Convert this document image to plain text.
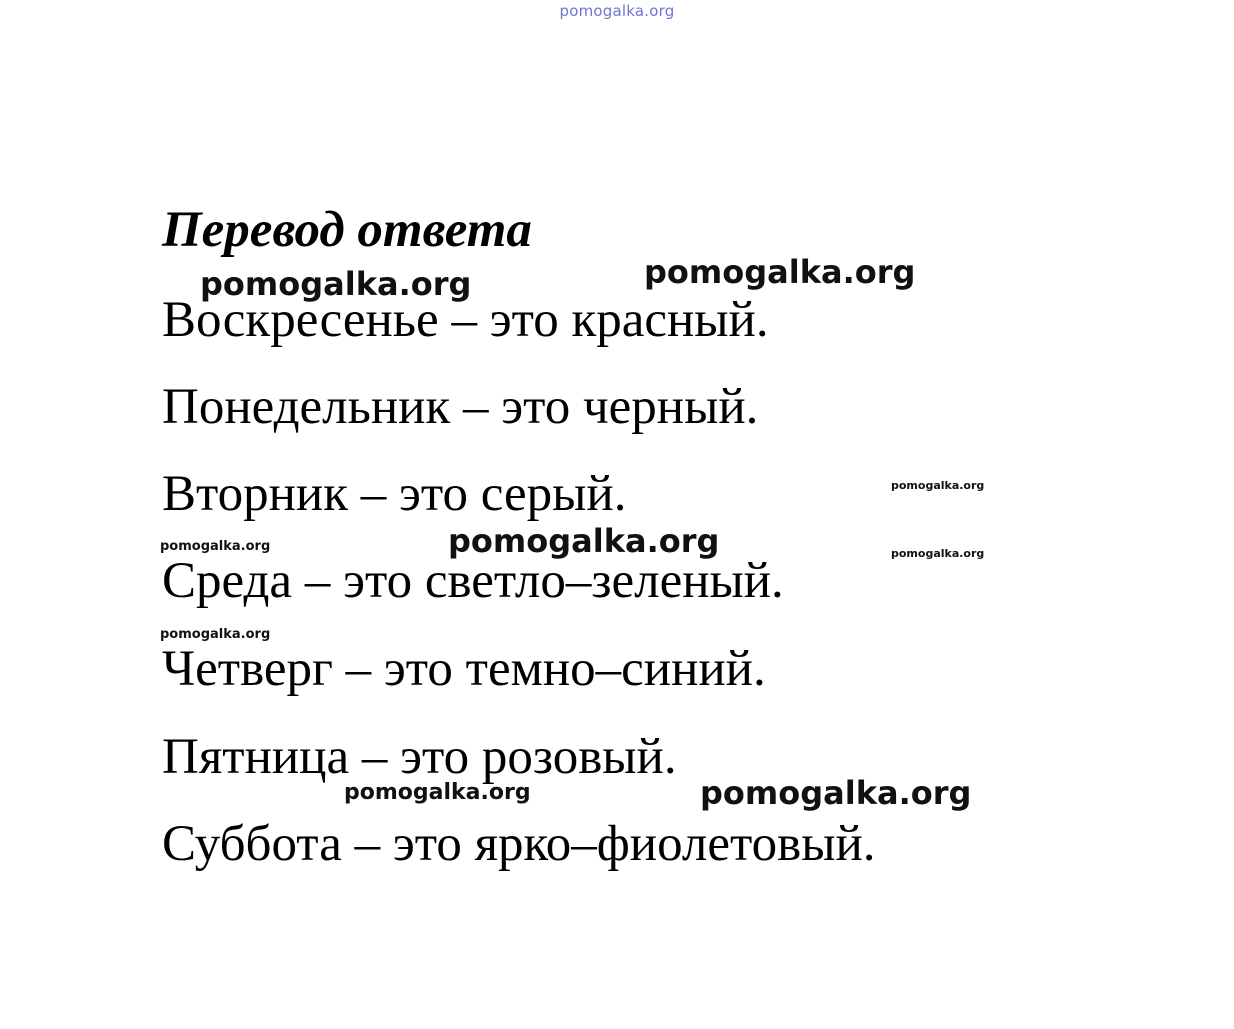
pomogalka.org
Перевод ответа
Воскресенье – это красный.
Понедельник – это черный.
Вторник – это серый.
Среда – это светло–зеленый.
Четверг – это темно–синий.
Пятница – это розовый.
Суббота – это ярко–фиолетовый.
pomogalka.org	pomogalka.org
pomogalka.org
pomogalka.org	pomogalka.org	pomogalka.org
pomogalka.org
pomogalka.org	pomogalka.org
